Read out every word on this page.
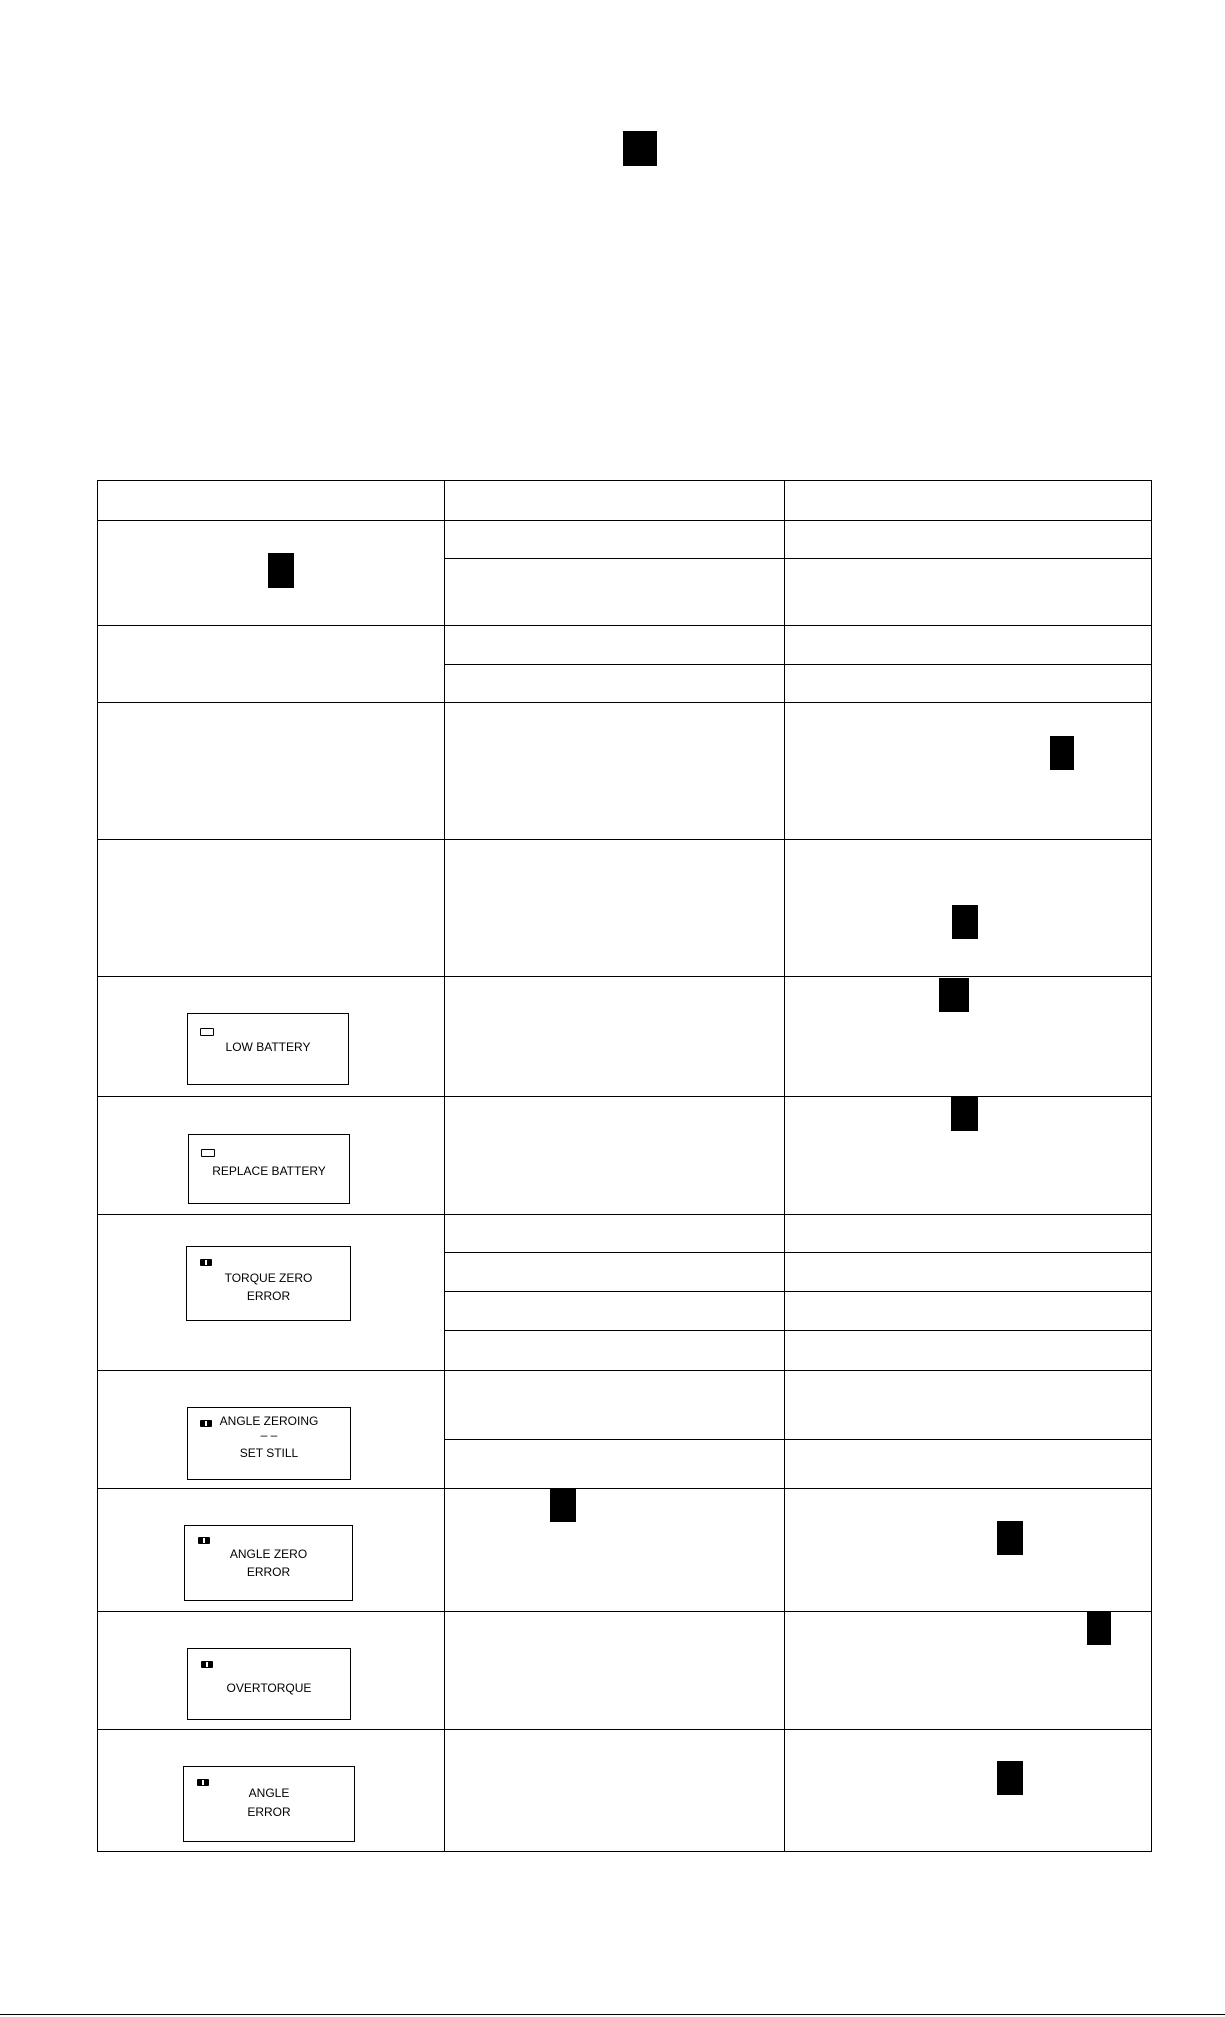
LOW BATTERY
REPLACE BATTERY
TORQUE ZERO
ERROR
ANGLE ZEROING
– –
SET STILL
ANGLE ZERO
ERROR
OVERTORQUE
ANGLE
ERROR
